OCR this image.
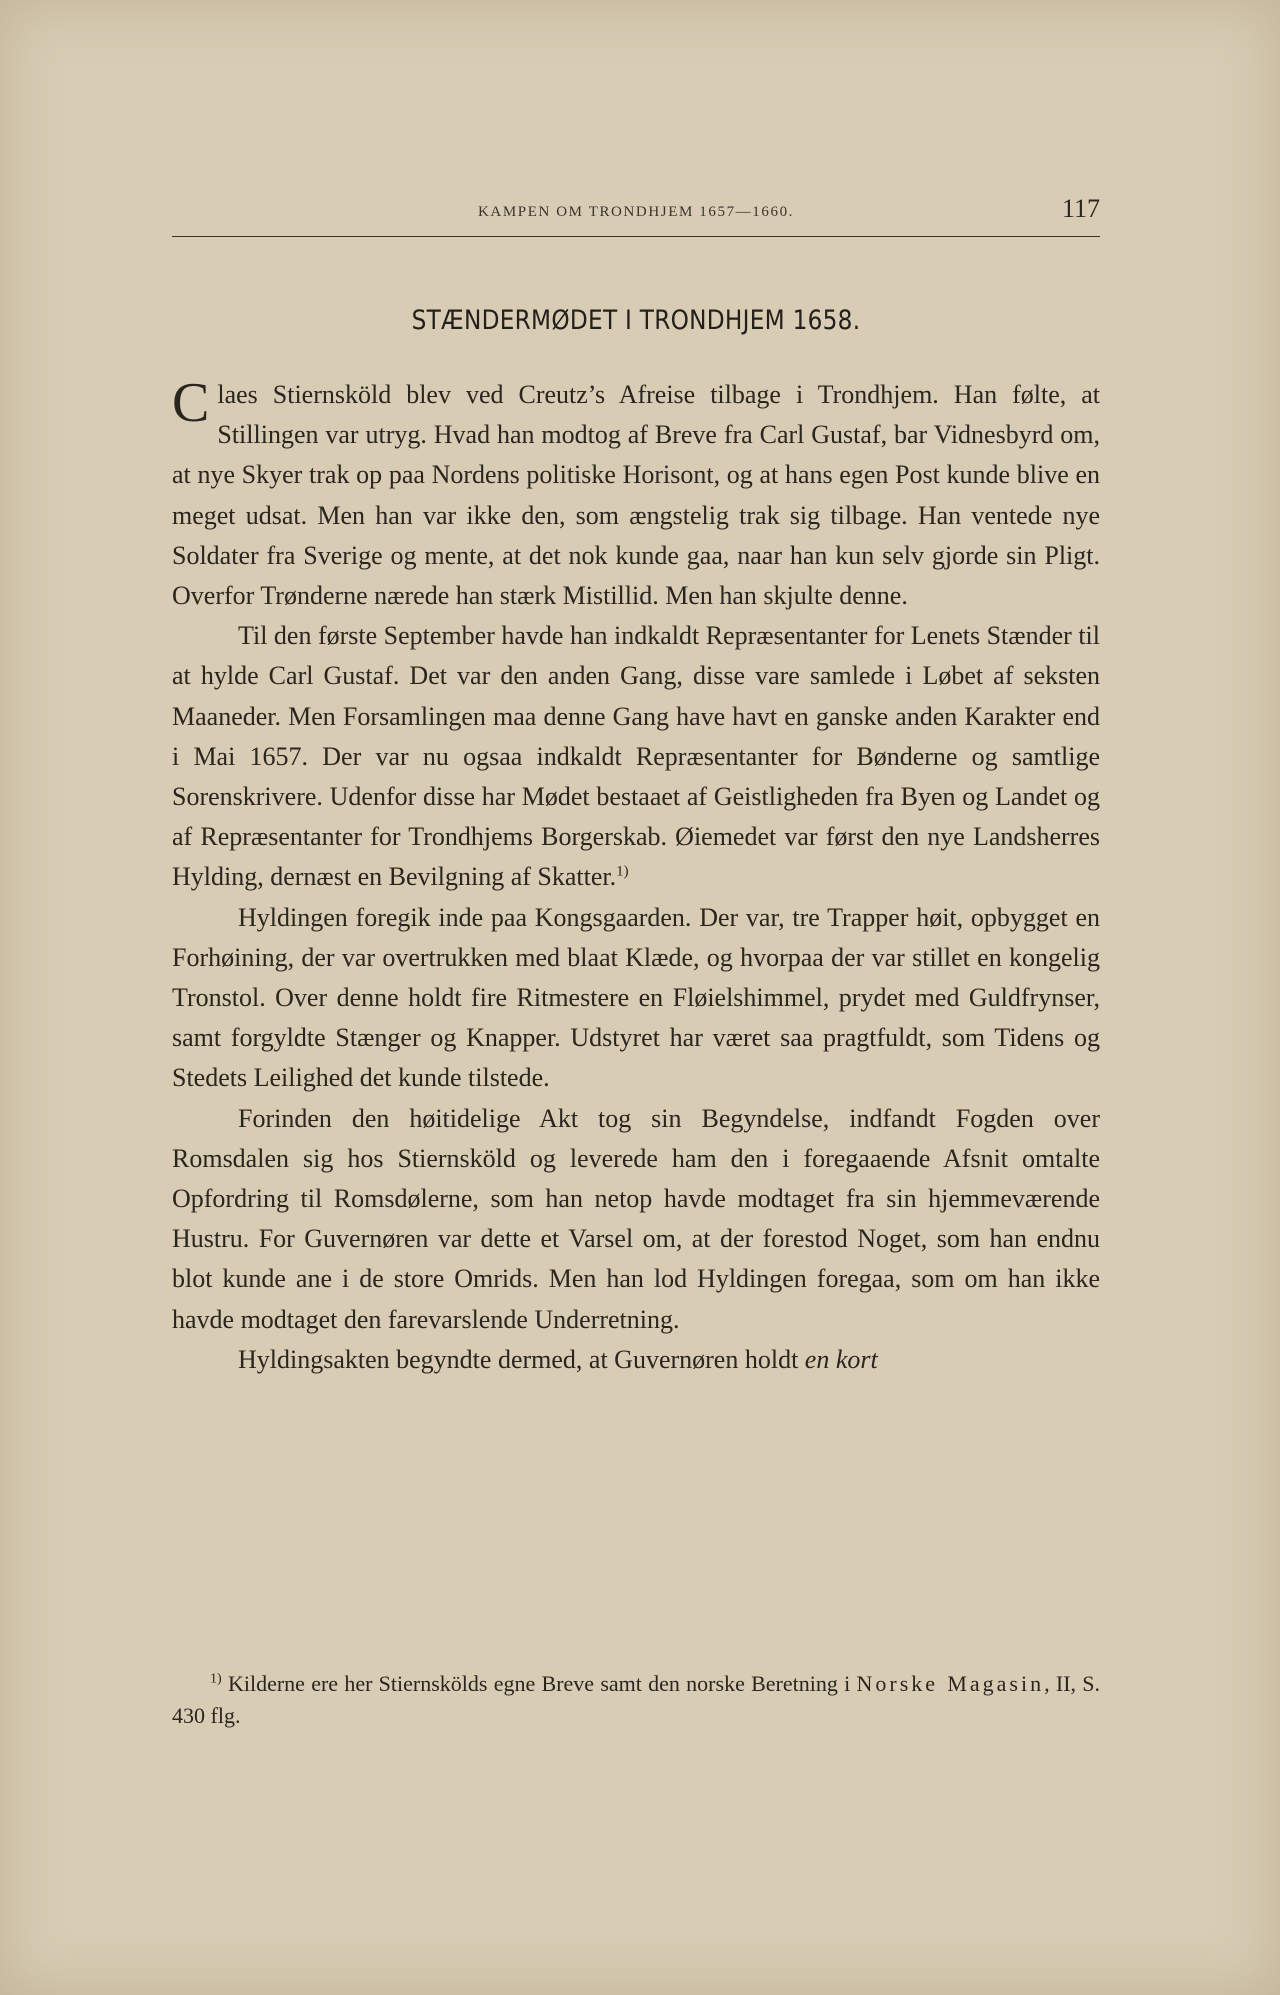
KAMPEN OM TRONDHJEM 1657—1660.	117
STÆNDERMØDET I TRONDHJEM 1658.

Claes Stiernsköld blev ved Creutz’s Afreise tilbage i Trondhjem. Han følte, at Stillingen var utryg. Hvad han modtog af Breve fra Carl Gustaf, bar Vidnesbyrd om, at nye Skyer trak op paa Nordens politiske Horisont, og at hans egen Post kunde blive en meget udsat. Men han var ikke den, som ængstelig trak sig tilbage. Han ventede nye Soldater fra Sverige og mente, at det nok kunde gaa, naar han kun selv gjorde sin Pligt. Overfor Trønderne nærede han stærk Mistillid. Men han skjulte denne.

Til den første September havde han indkaldt Repræsentanter for Lenets Stænder til at hylde Carl Gustaf. Det var den anden Gang, disse vare samlede i Løbet af seksten Maaneder. Men Forsamlingen maa denne Gang have havt en ganske anden Karakter end i Mai 1657. Der var nu ogsaa indkaldt Repræsentanter for Bønderne og samtlige Sorenskrivere. Udenfor disse har Mødet bestaaet af Geistligheden fra Byen og Landet og af Repræsentanter for Trondhjems Borgerskab. Øiemedet var først den nye Landsherres Hylding, dernæst en Bevilgning af Skatter.$^{1)}$

Hyldingen foregik inde paa Kongsgaarden. Der var, tre Trapper høit, opbygget en Forhøining, der var overtrukken med blaat Klæde, og hvorpaa der var stillet en kongelig Tronstol. Over denne holdt fire Ritmestere en Fløielshimmel, prydet med Guldfrynser, samt forgyldte Stænger og Knapper. Udstyret har været saa pragtfuldt, som Tidens og Stedets Leilighed det kunde tilstede.

Forinden den høitidelige Akt tog sin Begyndelse, indfandt Fogden over Romsdalen sig hos Stiernsköld og leverede ham den i foregaaende Afsnit omtalte Opfordring til Romsdølerne, som han netop havde modtaget fra sin hjemmeværende Hustru. For Guvernøren var dette et Varsel om, at der forestod Noget, som han endnu blot kunde ane i de store Omrids. Men han lod Hyldingen foregaa, som om han ikke havde modtaget den farevarslende Underretning.

Hyldingsakten begyndte dermed, at Guvernøren holdt en kort

$^{1)}$ Kilderne ere her Stiernskölds egne Breve samt den norske Beretning i Norske Magasin, II, S. 430 flg.
